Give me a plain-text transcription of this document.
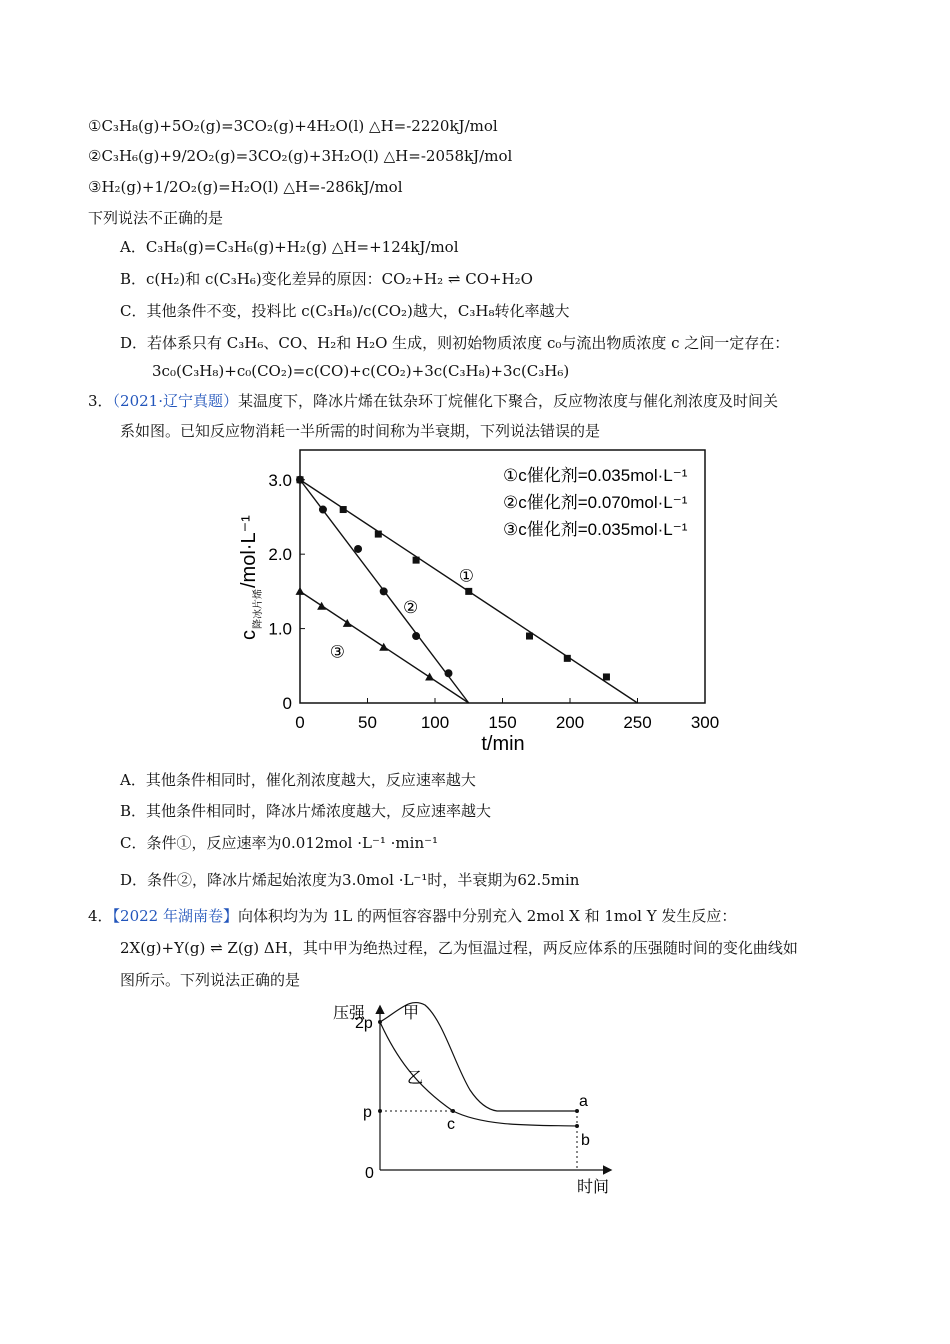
①C₃H₈(g)+5O₂(g)=3CO₂(g)+4H₂O(l) △H=-2220kJ/mol
②C₃H₆(g)+9/2O₂(g)=3CO₂(g)+3H₂O(l) △H=-2058kJ/mol
③H₂(g)+1/2O₂(g)=H₂O(l) △H=-286kJ/mol
下列说法不正确的是
A．C₃H₈(g)=C₃H₆(g)+H₂(g) △H=+124kJ/mol
B．c(H₂)和 c(C₃H₆)变化差异的原因：CO₂+H₂ ⇌ CO+H₂O
C．其他条件不变，投料比 c(C₃H₈)/c(CO₂)越大，C₃H₈转化率越大
D．若体系只有 C₃H₆、CO、H₂和 H₂O 生成，则初始物质浓度 c₀与流出物质浓度 c 之间一定存在：
3c₀(C₃H₈)+c₀(CO₂)=c(CO)+c(CO₂)+3c(C₃H₈)+3c(C₃H₆)
3．（2021·辽宁真题）某温度下，降冰片烯在钛杂环丁烷催化下聚合，反应物浓度与催化剂浓度及时间关
系如图。已知反应物消耗一半所需的时间称为半衰期，下列说法错误的是
0	50	100 150 200 250 300
0
1.0
2.0
3.0
c
降冰片烯
/mol·L⁻¹
t/min
①c催化剂=0.035mol·L⁻¹
②c催化剂=0.070mol·L⁻¹
③c催化剂=0.035mol·L⁻¹
①
②
③
A．其他条件相同时，催化剂浓度越大，反应速率越大
B．其他条件相同时，降冰片烯浓度越大，反应速率越大
C．条件①，反应速率为0.012mol ·L⁻¹ ·min⁻¹
D．条件②，降冰片烯起始浓度为3.0mol ·L⁻¹时，半衰期为62.5min
4．【2022 年湖南卷】向体积均为为 1L 的两恒容容器中分别充入 2mol X 和 1mol Y 发生反应：
2X(g)+Y(g) ⇌ Z(g) ΔH，其中甲为绝热过程，乙为恒温过程，两反应体系的压强随时间的变化曲线如
图所示。下列说法正确的是
压强 甲
乙
2p
p
0
c
a
b
时间
